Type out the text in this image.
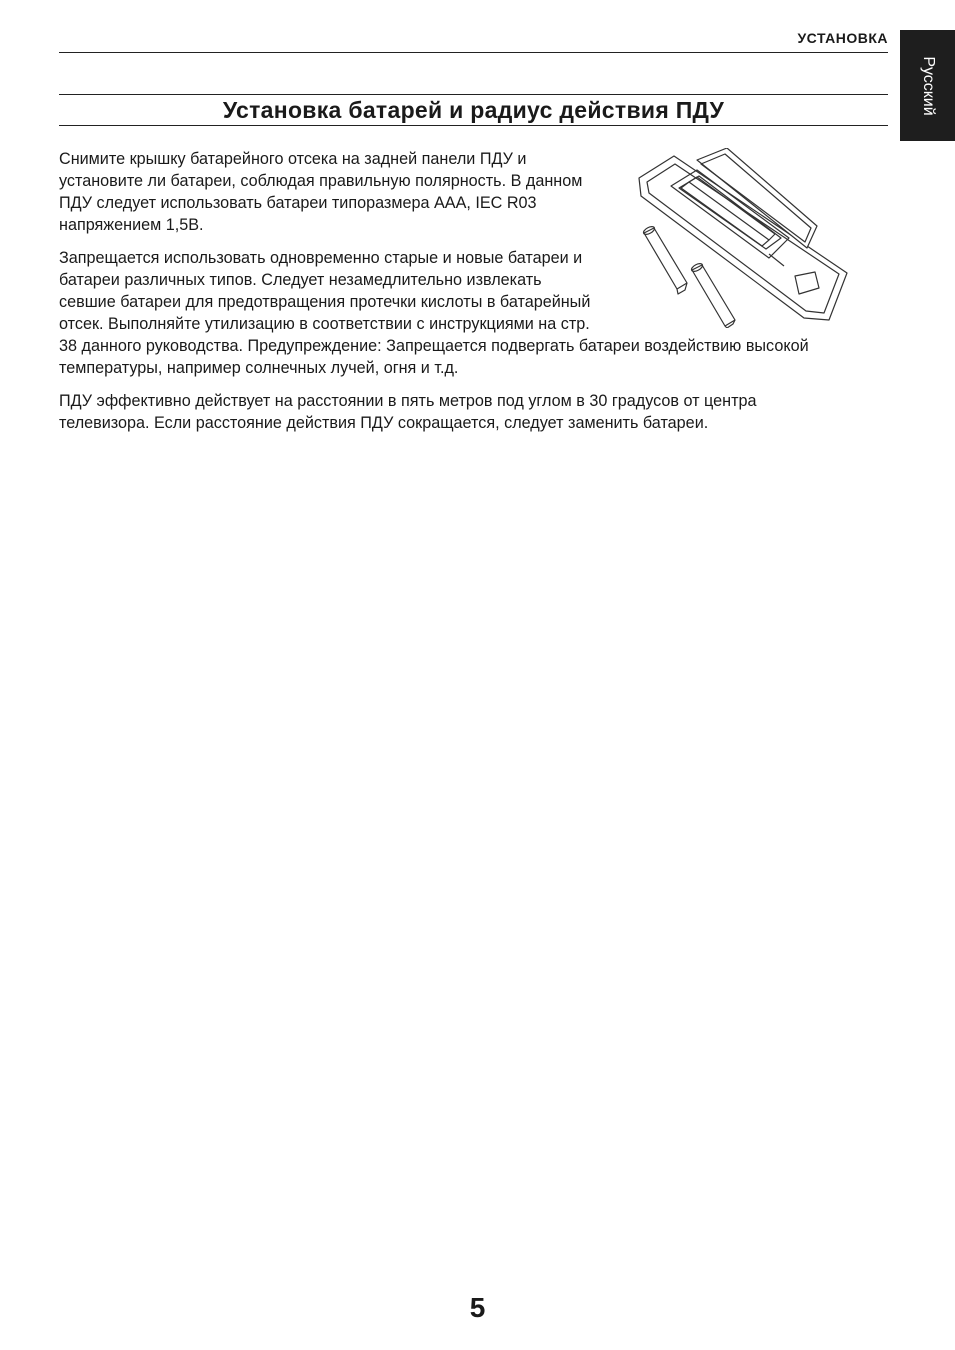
УСТАНОВКА
Русский
Установка батарей и радиус действия ПДУ

Снимите крышку батарейного отсека на задней панели ПДУ и установите ли батареи, соблюдая правильную полярность. В данном ПДУ следует использовать батареи типоразмера AAA, IEC R03 напряжением 1,5В.

Запрещается использовать одновременно старые и новые батареи и батареи различных типов. Следует незамедлительно извлекать севшие батареи для предотвращения протечки кислоты в батарейный отсек. Выполняйте утилизацию в соответствии с инструкциями на стр. 38 данного руководства. Предупреждение: Запрещается подвергать батареи воздействию высокой температуры, например солнечных лучей, огня и т.д.

ПДУ эффективно действует на расстоянии в пять метров под углом в 30 градусов от центра телевизора. Если расстояние действия ПДУ сокращается, следует заменить батареи.

5
